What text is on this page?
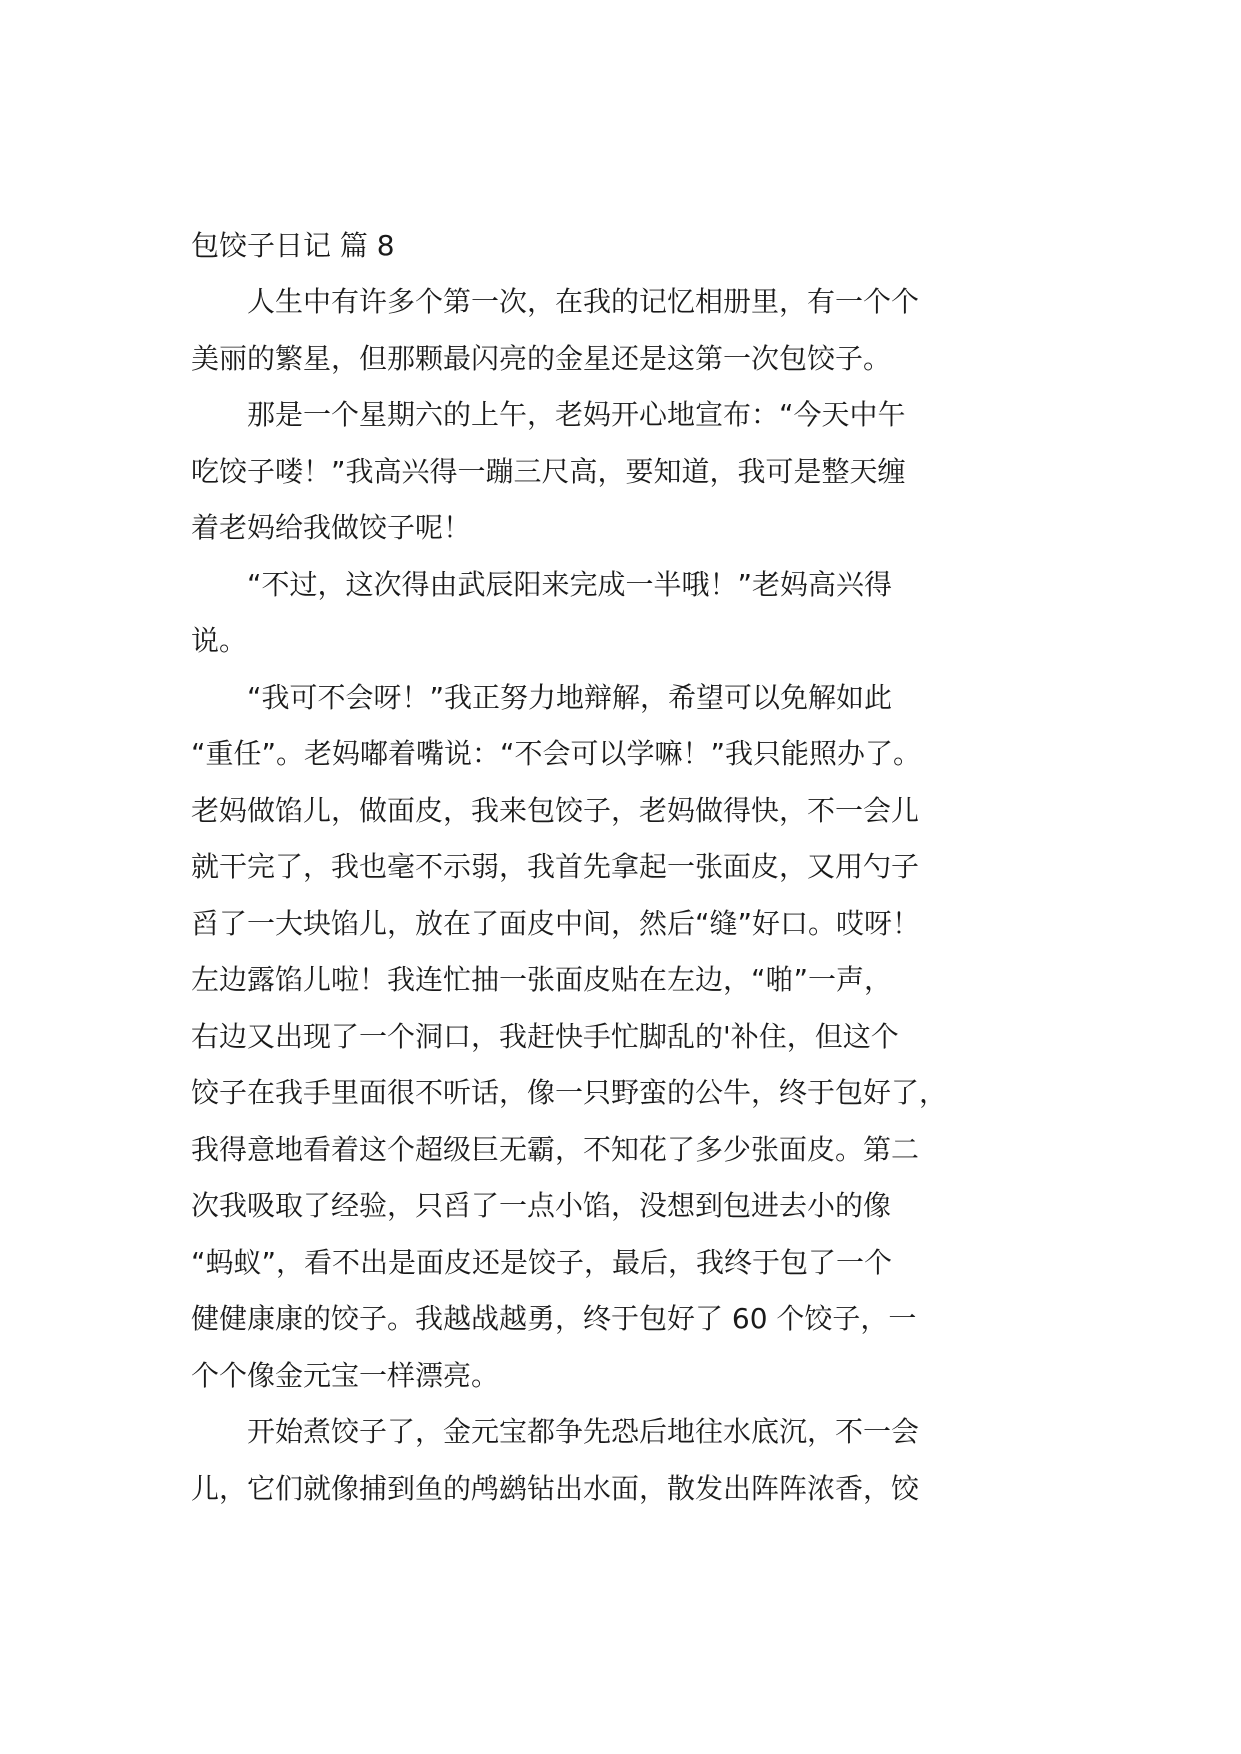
包饺子日记 篇 8

人生中有许多个第一次，在我的记忆相册里，有一个个
美丽的繁星，但那颗最闪亮的金星还是这第一次包饺子。

那是一个星期六的上午，老妈开心地宣布：“今天中午
吃饺子喽！”我高兴得一蹦三尺高，要知道，我可是整天缠
着老妈给我做饺子呢！

“不过，这次得由武辰阳来完成一半哦！”老妈高兴得
说。

“我可不会呀！”我正努力地辩解，希望可以免解如此
“重任”。老妈嘟着嘴说：“不会可以学嘛！”我只能照办了。
老妈做馅儿，做面皮，我来包饺子，老妈做得快，不一会儿
就干完了，我也毫不示弱，我首先拿起一张面皮，又用勺子
舀了一大块馅儿，放在了面皮中间，然后“缝”好口。哎呀！
左边露馅儿啦！我连忙抽一张面皮贴在左边，“啪”一声，
右边又出现了一个洞口，我赶快手忙脚乱的'补住，但这个
饺子在我手里面很不听话，像一只野蛮的公牛，终于包好了，
我得意地看着这个超级巨无霸，不知花了多少张面皮。第二
次我吸取了经验，只舀了一点小馅，没想到包进去小的像
“蚂蚁”，看不出是面皮还是饺子，最后，我终于包了一个
健健康康的饺子。我越战越勇，终于包好了 60 个饺子，一
个个像金元宝一样漂亮。

开始煮饺子了，金元宝都争先恐后地往水底沉，不一会
儿，它们就像捕到鱼的鸬鹚钻出水面，散发出阵阵浓香，饺
